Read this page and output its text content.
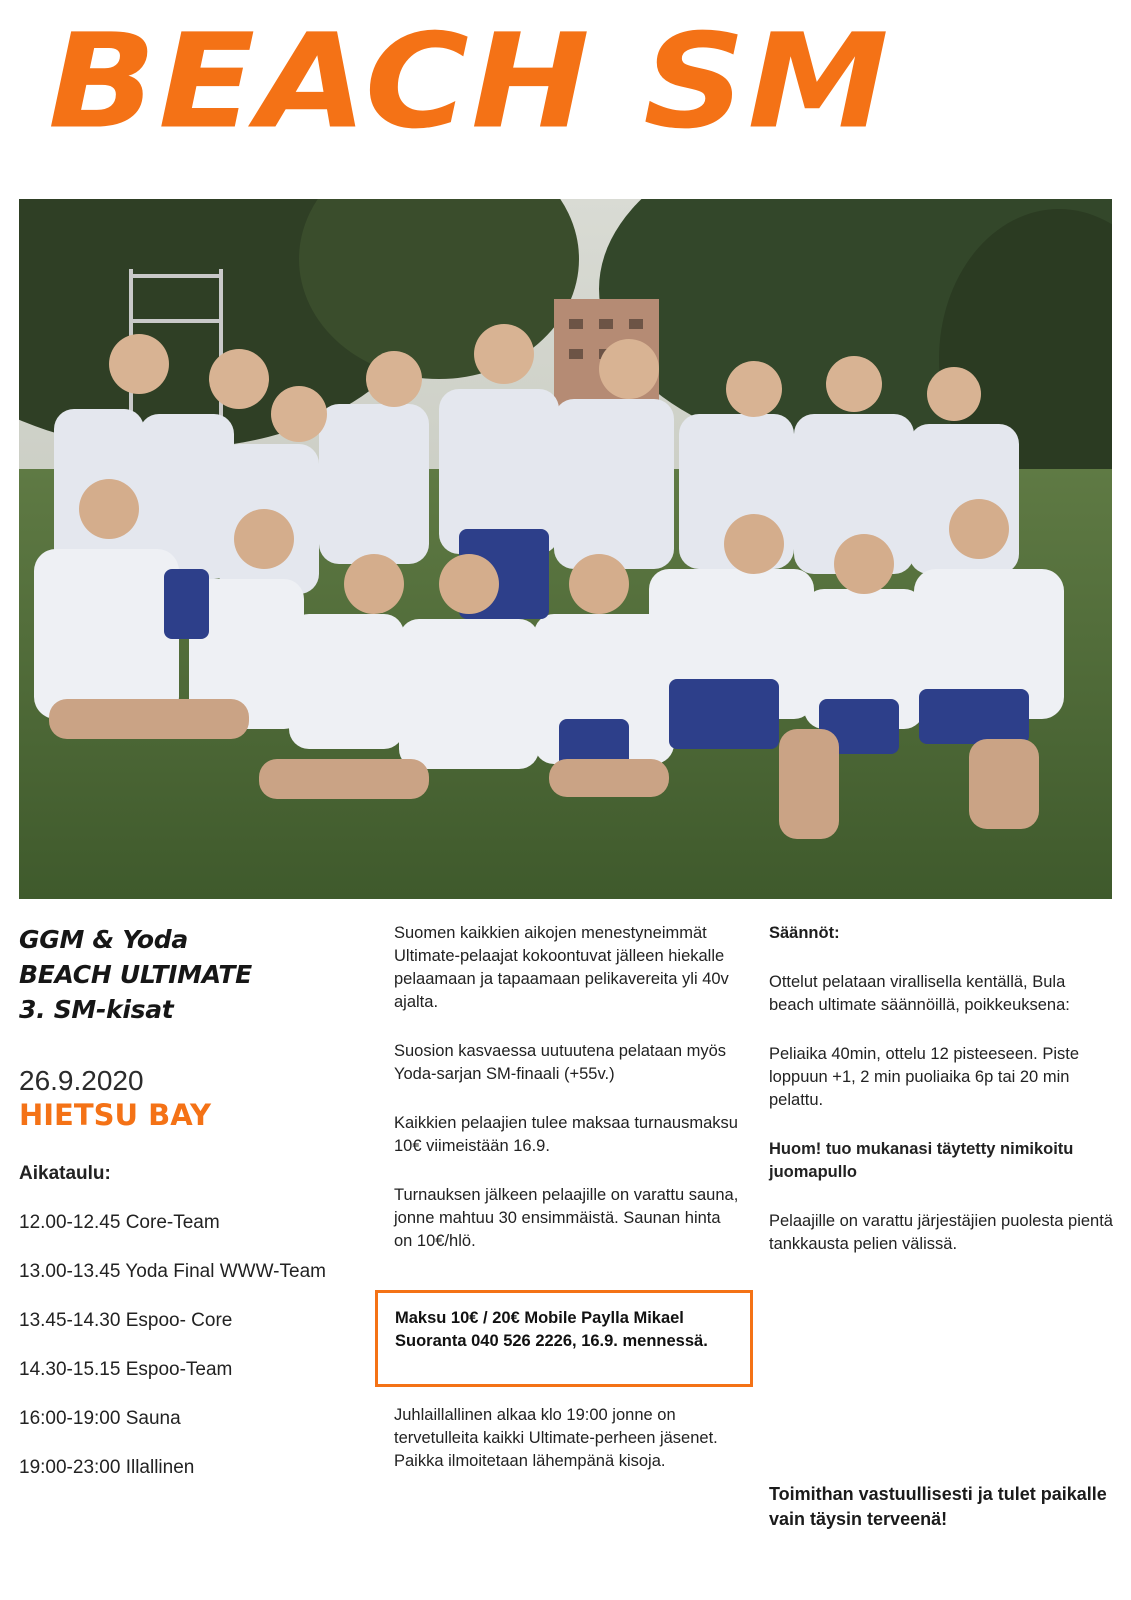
BEACH SM
GGM & Yoda
BEACH ULTIMATE
3. SM-kisat
26.9.2020
HIETSU BAY
Aikataulu:
12.00-12.45 Core-Team
13.00-13.45 Yoda Final WWW-Team
13.45-14.30 Espoo- Core
14.30-15.15 Espoo-Team
16:00-19:00 Sauna
19:00-23:00 Illallinen

Suomen kaikkien aikojen menestyneimmät Ultimate-pelaajat kokoontuvat jälleen hiekalle pelaamaan ja tapaamaan pelikavereita yli 40v ajalta.

Suosion kasvaessa uutuutena pelataan myös Yoda-sarjan SM-finaali (+55v.)

Kaikkien pelaajien tulee maksaa turnausmaksu 10€ viimeistään 16.9.

Turnauksen jälkeen pelaajille on varattu sauna, jonne mahtuu 30 ensimmäistä. Saunan hinta on 10€/hlö.

Maksu 10€ / 20€ Mobile Paylla Mikael Suoranta 040 526 2226, 16.9. mennessä.

Juhlaillallinen alkaa klo 19:00 jonne on tervetulleita kaikki Ultimate-perheen jäsenet. Paikka ilmoitetaan lähempänä kisoja.

Säännöt:

Ottelut pelataan virallisella kentällä, Bula beach ultimate säännöillä, poikkeuksena:

Peliaika 40min, ottelu 12 pisteeseen. Piste loppuun +1, 2 min puoliaika 6p tai 20 min pelattu.

Huom! tuo mukanasi täytetty nimikoitu juomapullo

Pelaajille on varattu järjestäjien puolesta pientä tankkausta pelien välissä.

Toimithan vastuullisesti ja tulet paikalle vain täysin terveenä!
